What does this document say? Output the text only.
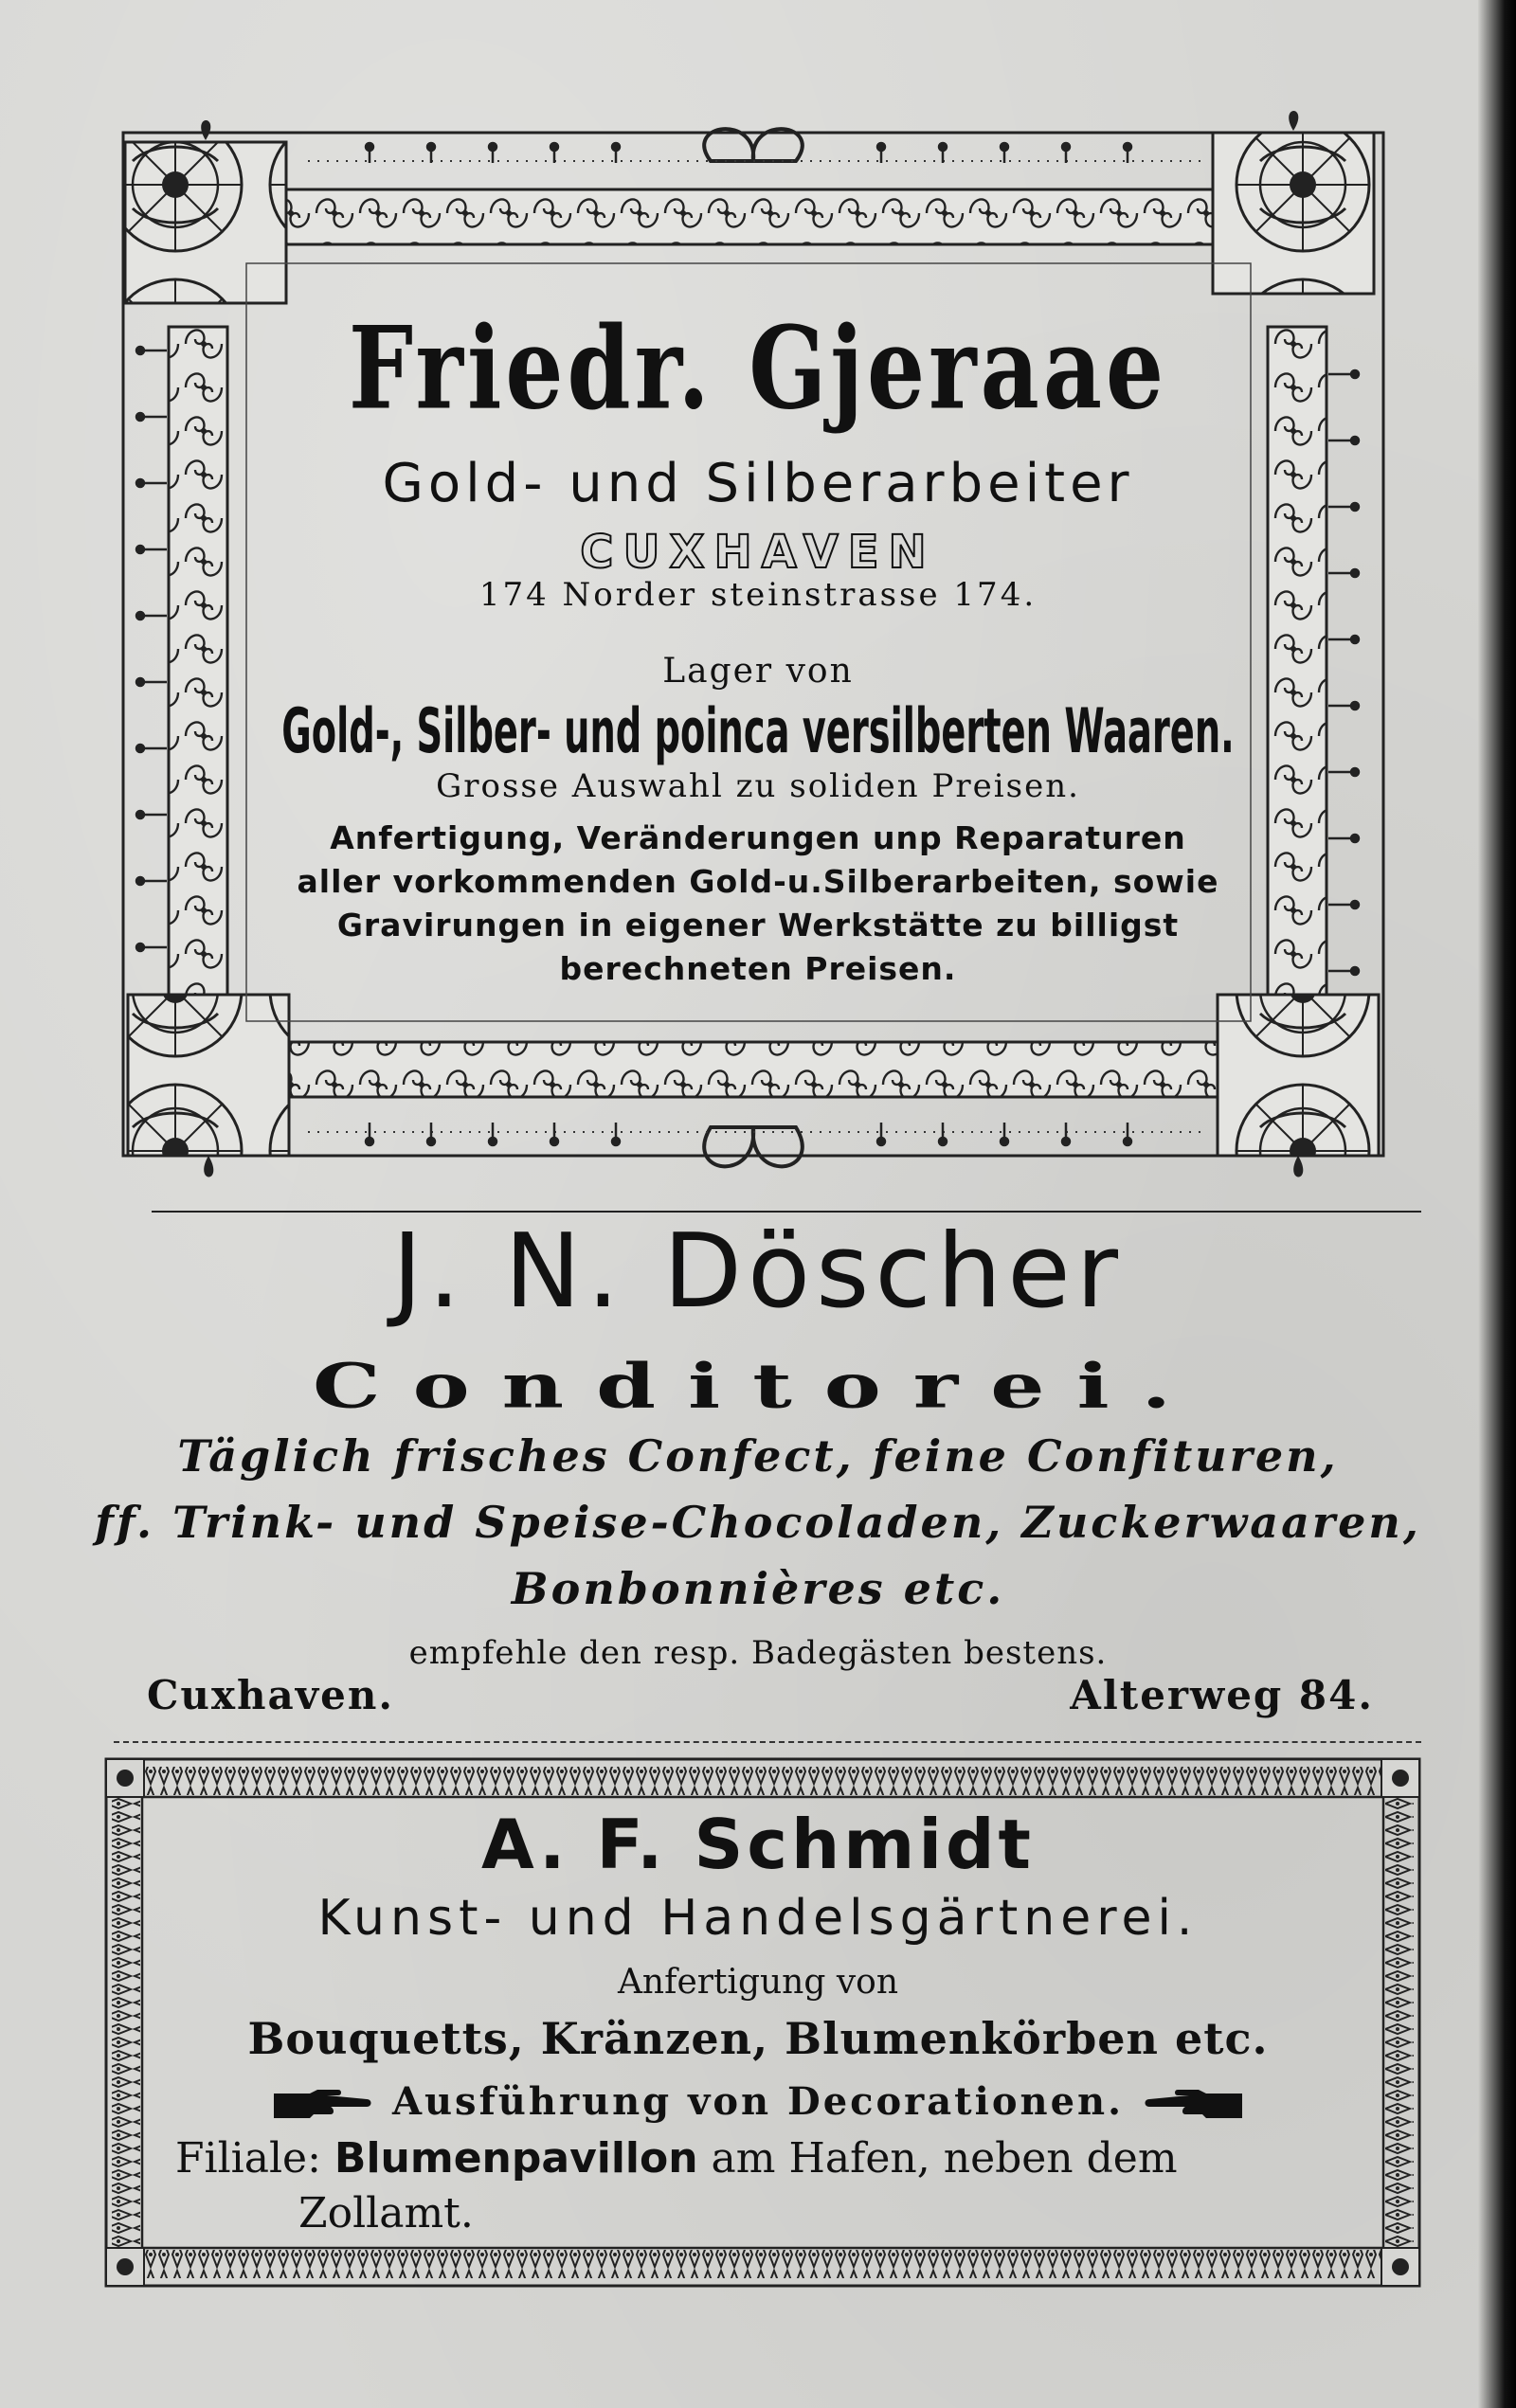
Friedr. Gjeraae
Gold- und Silberarbeiter
CUXHAVEN
174 Norder steinstrasse 174.
Lager von
Gold-, Silber- und poinca versilberten Waaren.
Grosse Auswahl zu soliden Preisen.
Anfertigung, Veränderungen unp Reparaturen
aller vorkommenden Gold-u.Silberarbeiten, sowie
Gravirungen in eigener Werkstätte zu billigst
berechneten Preisen.
J. N. Döscher
Conditorei.
Täglich frisches Confect, feine Confituren,
ff. Trink- und Speise-Chocoladen, Zuckerwaaren,
Bonbonnières etc.
empfehle den resp. Badegästen bestens.
Cuxhaven.	Alterweg 84.
A. F. Schmidt
Kunst- und Handelsgärtnerei.
Anfertigung von
Bouquetts, Kränzen, Blumenkörben etc.
Ausführung von Decorationen.
Filiale: Blumenpavillon am Hafen, neben dem
Zollamt.
